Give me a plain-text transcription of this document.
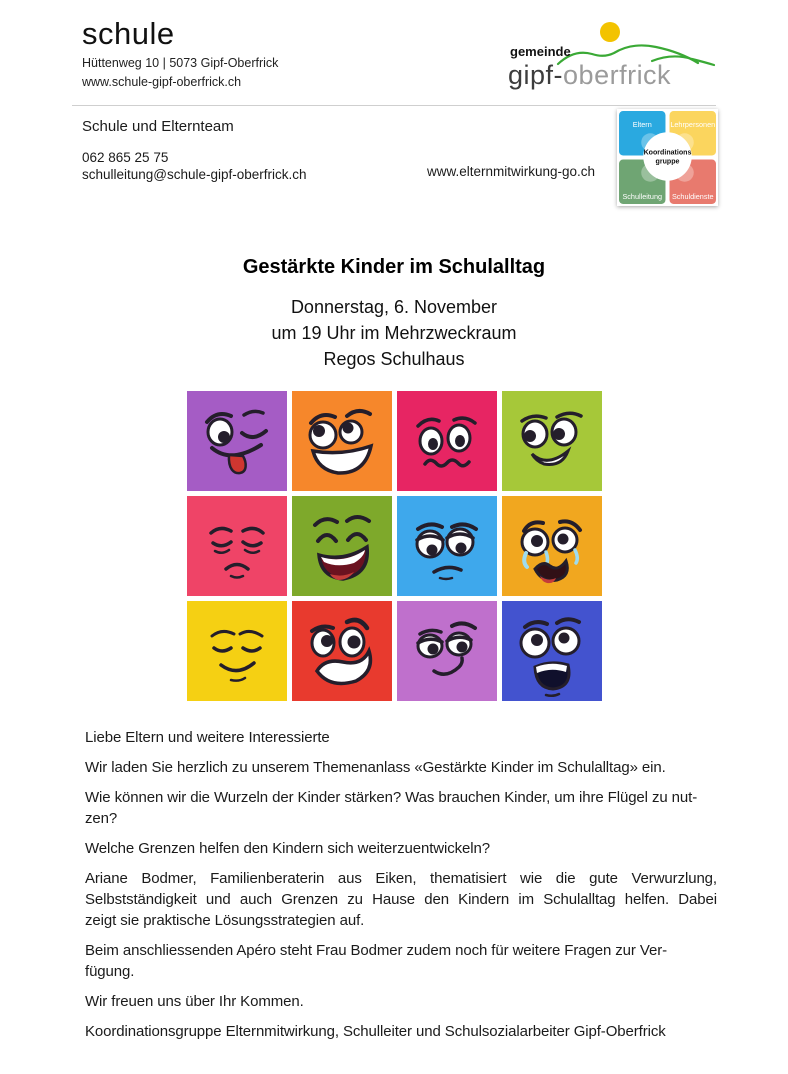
schule
Hüttenweg 10 | 5073 Gipf-Oberfrick
www.schule-gipf-oberfrick.ch
gemeinde
gipf-oberfrick
Schule und Elternteam
062 865 25 75
schulleitung@schule-gipf-oberfrick.ch	www.elternmitwirkung-go.ch
Koordinations
gruppe
Eltern	Lehrpersonen
Schulleitung Schuldienste
Gestärkte Kinder im Schulalltag
Donnerstag, 6. November
um 19 Uhr im Mehrzweckraum
Regos Schulhaus

Liebe Eltern und weitere Interessierte

Wir laden Sie herzlich zu unserem Themenanlass «Gestärkte Kinder im Schulalltag» ein.

Wie können wir die Wurzeln der Kinder stärken? Was brauchen Kinder, um ihre Flügel zu nut-
zen?

Welche Grenzen helfen den Kindern sich weiterzuentwickeln?

Ariane Bodmer, Familienberaterin aus Eiken, thematisiert wie die gute Verwurzlung,
Selbstständigkeit und auch Grenzen zu Hause den Kindern im Schulalltag helfen. Dabei
zeigt sie praktische Lösungsstrategien auf.

Beim anschliessenden Apéro steht Frau Bodmer zudem noch für weitere Fragen zur Ver-
fügung.

Wir freuen uns über Ihr Kommen.

Koordinationsgruppe Elternmitwirkung, Schulleiter und Schulsozialarbeiter Gipf-Oberfrick
